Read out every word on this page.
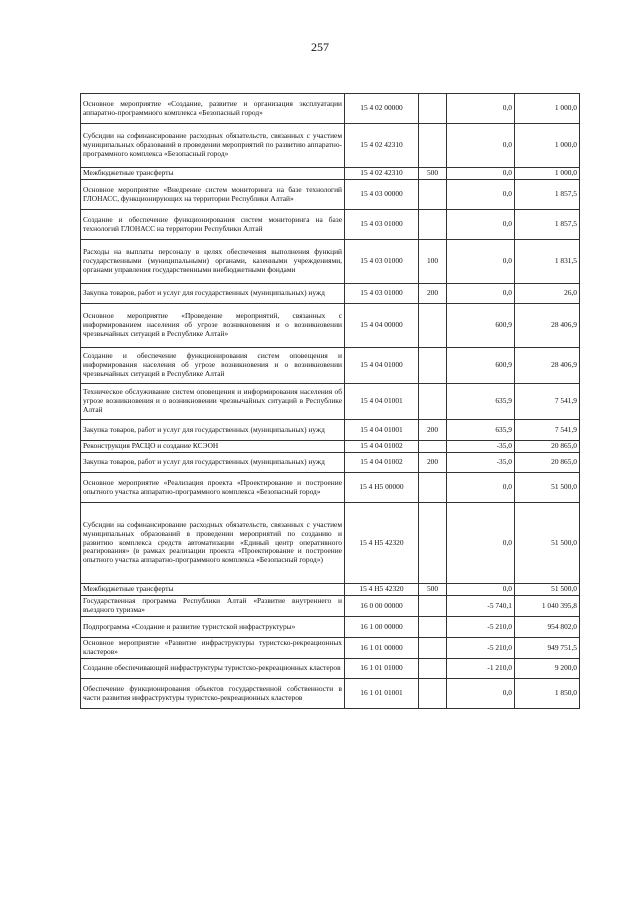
257
Основное мероприятие «Создание, развитие и организация эксплуатации аппаратно-программного комплекса «Безопасный город»	15 4 02 00000		0,0	1 000,0
Субсидии на софинансирование расходных обязательств, связанных с участием муниципальных образований в проведении мероприятий по развитию аппаратно-программного комплекса «Безопасный город»	15 4 02 42310		0,0	1 000,0
Межбюджетные трансферты	15 4 02 42310	500	0,0	1 000,0
Основное мероприятие «Внедрение систем мониторинга на базе технологий ГЛОНАСС, функционирующих на территории Республики Алтай»	15 4 03 00000		0,0	1 857,5
Создание и обеспечение функционирования систем мониторинга на базе технологий ГЛОНАСС на территории Республики Алтай	15 4 03 01000		0,0	1 857,5
Расходы на выплаты персоналу в целях обеспечения выполнения функций государственными (муниципальными) органами, казенными учреждениями, органами управления государственными внебюджетными фондами	15 4 03 01000	100	0,0	1 831,5
Закупка товаров, работ и услуг для государственных (муниципальных) нужд	15 4 03 01000	200	0,0	26,0
Основное мероприятие «Проведение мероприятий, связанных с информированием населения об угрозе возникновения и о возникновении чрезвычайных ситуаций в Республике Алтай»	15 4 04 00000		600,9	28 406,9
Создание и обеспечение функционирования систем оповещения и информирования населения об угрозе возникновения и о возникновении чрезвычайных ситуаций в Республике Алтай	15 4 04 01000		600,9	28 406,9
Техническое обслуживание систем оповещения и информирования населения об угрозе возникновения и о возникновении чрезвычайных ситуаций в Республике Алтай	15 4 04 01001		635,9	7 541,9
Закупка товаров, работ и услуг для государственных (муниципальных) нужд	15 4 04 01001	200	635,9	7 541,9
Реконструкция РАСЦО и создание КСЭОН	15 4 04 01002		-35,0	20 865,0
Закупка товаров, работ и услуг для государственных (муниципальных) нужд	15 4 04 01002	200	-35,0	20 865,0
Основное мероприятие «Реализация проекта «Проектирование и построение опытного участка аппаратно-программного комплекса «Безопасный город»	15 4 Н5 00000		0,0	51 500,0
Субсидии на софинансирование расходных обязательств, связанных с участием муниципальных образований в проведении мероприятий по созданию и развитию комплекса средств автоматизации «Единый центр оперативного реагирования» (в рамках реализации проекта «Проектирование и построение опытного участка аппаратно-программного комплекса «Безопасный город»)	15 4 Н5 42320		0,0	51 500,0
Межбюджетные трансферты	15 4 Н5 42320	500	0,0	51 500,0
Государственная программа Республики Алтай «Развитие внутреннего и въездного туризма»	16 0 00 00000		-5 740,1	1 040 395,8
Подпрограмма «Создание и развитие туристской инфраструктуры»	16 1 00 00000		-5 210,0	954 802,0
Основное мероприятие «Развитие инфраструктуры туристско-рекреационных кластеров»	16 1 01 00000		-5 210,0	949 751,5
Создание обеспечивающей инфраструктуры туристско-рекреационных кластеров	16 1 01 01000		-1 210,0	9 200,0
Обеспечение функционирования объектов государственной собственности в части развития инфраструктуры туристско-рекреационных кластеров	16 1 01 01001		0,0	1 850,0
